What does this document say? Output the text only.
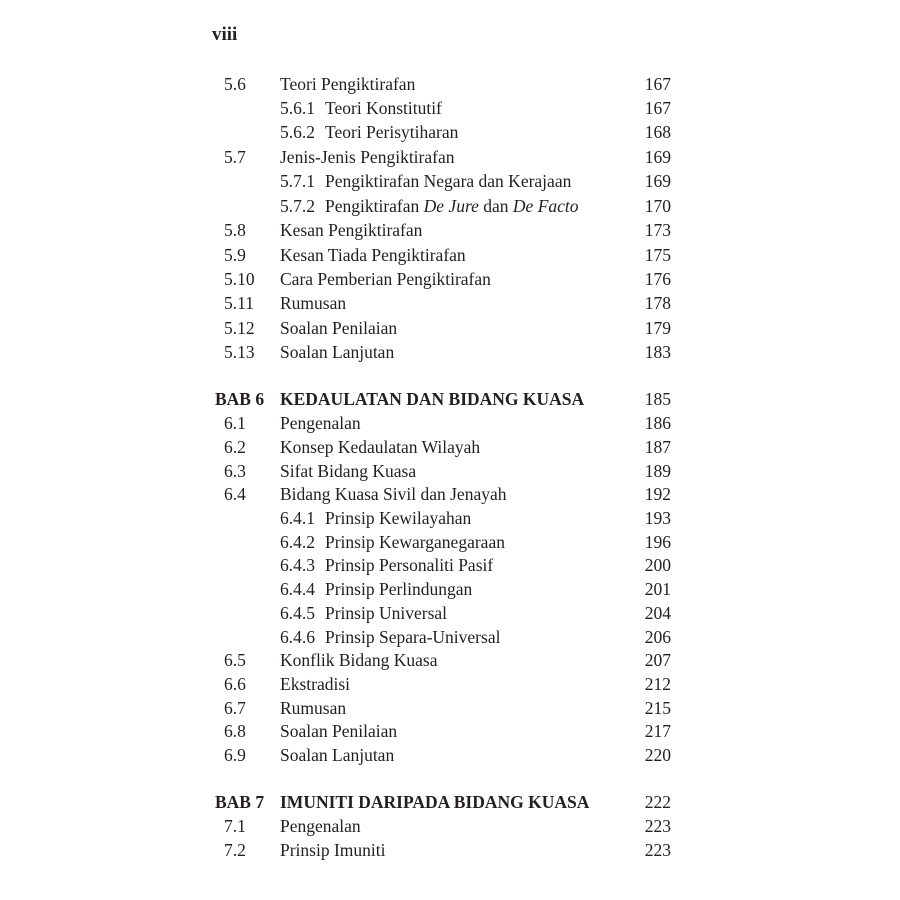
viii
5.6 Teori Pengiktirafan	167
5.6.1 Teori Konstitutif	167
5.6.2 Teori Perisytiharan	168
5.7 Jenis-Jenis Pengiktirafan	169
5.7.1 Pengiktirafan Negara dan Kerajaan	169
5.7.2 Pengiktirafan De Jure dan De Facto	170
5.8 Kesan Pengiktirafan	173
5.9 Kesan Tiada Pengiktirafan	175
5.10 Cara Pemberian Pengiktirafan	176
5.11 Rumusan	178
5.12 Soalan Penilaian	179
5.13 Soalan Lanjutan	183
BAB 6 KEDAULATAN DAN BIDANG KUASA	185
6.1 Pengenalan	186
6.2 Konsep Kedaulatan Wilayah	187
6.3 Sifat Bidang Kuasa	189
6.4 Bidang Kuasa Sivil dan Jenayah	192
6.4.1 Prinsip Kewilayahan	193
6.4.2 Prinsip Kewarganegaraan	196
6.4.3 Prinsip Personaliti Pasif	200
6.4.4 Prinsip Perlindungan	201
6.4.5 Prinsip Universal	204
6.4.6 Prinsip Separa-Universal	206
6.5 Konflik Bidang Kuasa	207
6.6 Ekstradisi	212
6.7 Rumusan	215
6.8 Soalan Penilaian	217
6.9 Soalan Lanjutan	220
BAB 7 IMUNITI DARIPADA BIDANG KUASA	222
7.1 Pengenalan	223
7.2 Prinsip Imuniti	223
